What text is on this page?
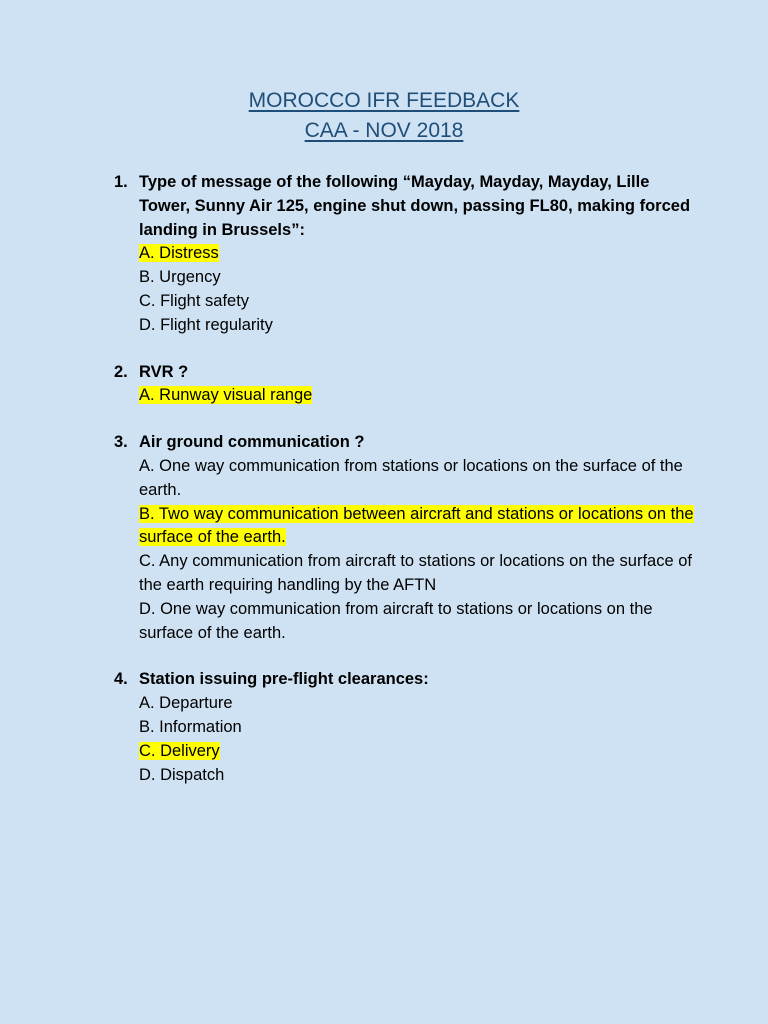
MOROCCO IFR FEEDBACK
CAA - NOV 2018
1. Type of message of the following “Mayday, Mayday, Mayday, Lille Tower, Sunny Air 125, engine shut down, passing FL80, making forced landing in Brussels”:
A. Distress
B. Urgency
C. Flight safety
D. Flight regularity
2. RVR ?
A. Runway visual range
3. Air ground communication ?
A. One way communication from stations or locations on the surface of the earth.
B. Two way communication between aircraft and stations or locations on the surface of the earth.
C. Any communication from aircraft to stations or locations on the surface of the earth requiring handling by the AFTN
D. One way communication from aircraft to stations or locations on the surface of the earth.
4. Station issuing pre-flight clearances:
A. Departure
B. Information
C. Delivery
D. Dispatch
